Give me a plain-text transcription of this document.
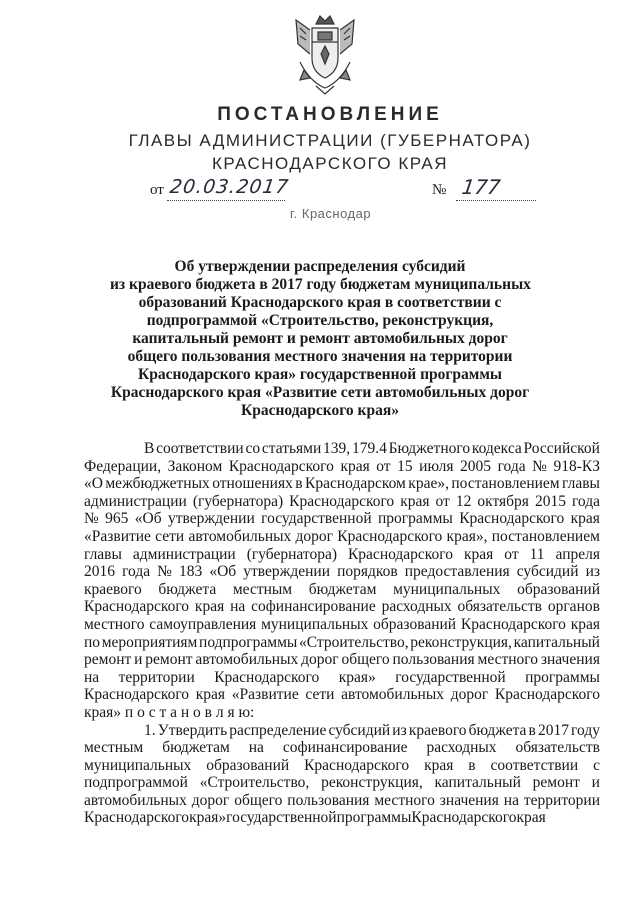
ПОСТАНОВЛЕНИЕ
ГЛАВЫ АДМИНИСТРАЦИИ (ГУБЕРНАТОРА)
КРАСНОДАРСКОГО КРАЯ
от 20.03.2017	№ 177
г. Краснодар
Об утверждении распределения субсидий
из краевого бюджета в 2017 году бюджетам муниципальных
образований Краснодарского края в соответствии с
подпрограммой «Строительство, реконструкция,
капитальный ремонт и ремонт автомобильных дорог
общего пользования местного значения на территории
Краснодарского края» государственной программы
Краснодарского края «Развитие сети автомобильных дорог
Краснодарского края»
В соответствии со статьями 139, 179.4 Бюджетного кодекса Российской
Федерации, Законом Краснодарского края от 15 июля 2005 года № 918-КЗ
«О межбюджетных отношениях в Краснодарском крае», постановлением главы
администрации (губернатора) Краснодарского края от 12 октября 2015 года
№ 965 «Об утверждении государственной программы Краснодарского края
«Развитие сети автомобильных дорог Краснодарского края», постановлением
главы администрации (губернатора) Краснодарского края от 11 апреля
2016 года № 183 «Об утверждении порядков предоставления субсидий из
краевого бюджета местным бюджетам муниципальных образований
Краснодарского края на софинансирование расходных обязательств органов
местного самоуправления муниципальных образований Краснодарского края
по мероприятиям подпрограммы «Строительство, реконструкция, капитальный
ремонт и ремонт автомобильных дорог общего пользования местного значения
на территории Краснодарского края» государственной программы
Краснодарского края «Развитие сети автомобильных дорог Краснодарского
края» п о с т а н о в л я ю:
1. Утвердить распределение субсидий из краевого бюджета в 2017 году
местным бюджетам на софинансирование расходных обязательств
муниципальных образований Краснодарского края в соответствии с
подпрограммой «Строительство, реконструкция, капитальный ремонт и
автомобильных дорог общего пользования местного значения на территории
Краснодарского края» государственной программы Краснодарского края
